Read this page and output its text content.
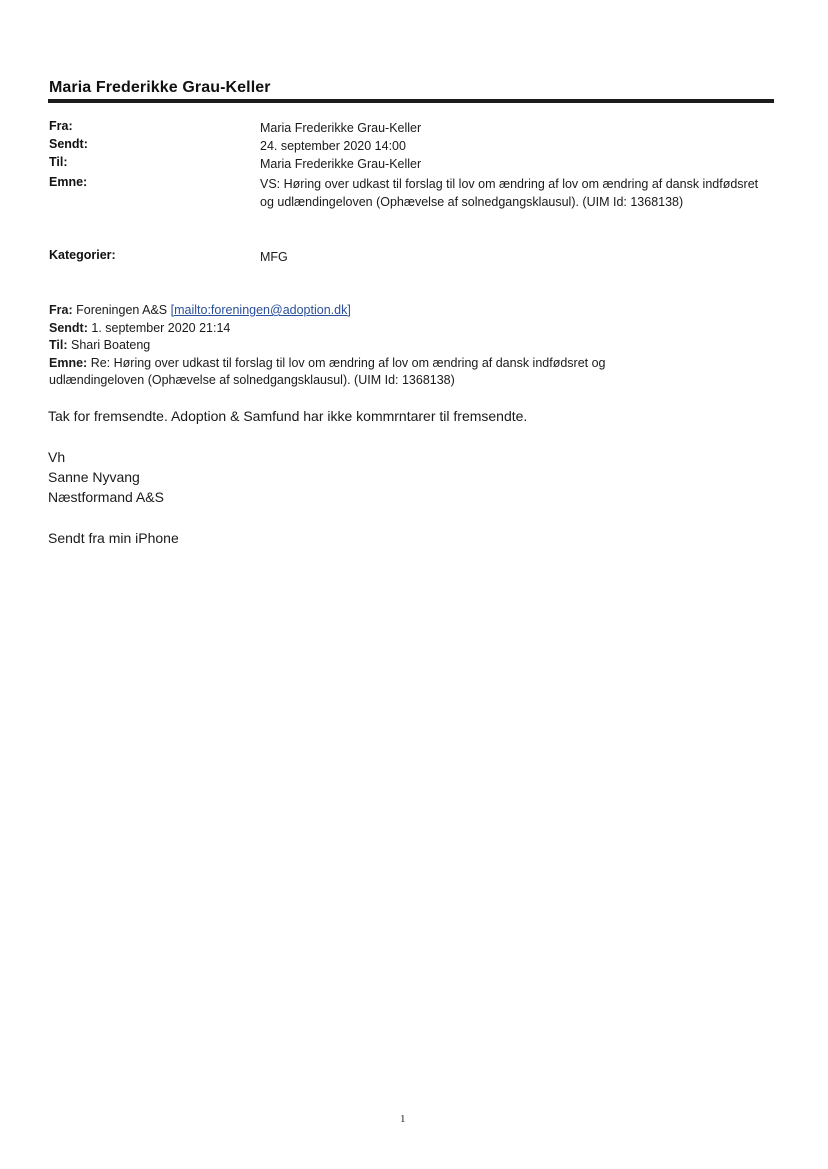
Maria Frederikke Grau-Keller
Fra:	Maria Frederikke Grau-Keller
Sendt:	24. september 2020 14:00
Til:	Maria Frederikke Grau-Keller
Emne:	VS: Høring over udkast til forslag til lov om ændring af lov om ændring af dansk indfødsret og udlændingeloven (Ophævelse af solnedgangsklausul). (UIM Id: 1368138)
Kategorier:	MFG
Fra: Foreningen A&S [mailto:foreningen@adoption.dk]
Sendt: 1. september 2020 21:14
Til: Shari Boateng
Emne: Re: Høring over udkast til forslag til lov om ændring af lov om ændring af dansk indfødsret og udlændingeloven (Ophævelse af solnedgangsklausul). (UIM Id: 1368138)
Tak for fremsendte. Adoption & Samfund har ikke kommrntarer til fremsendte.
Vh
Sanne Nyvang
Næstformand A&S
Sendt fra min iPhone
1
